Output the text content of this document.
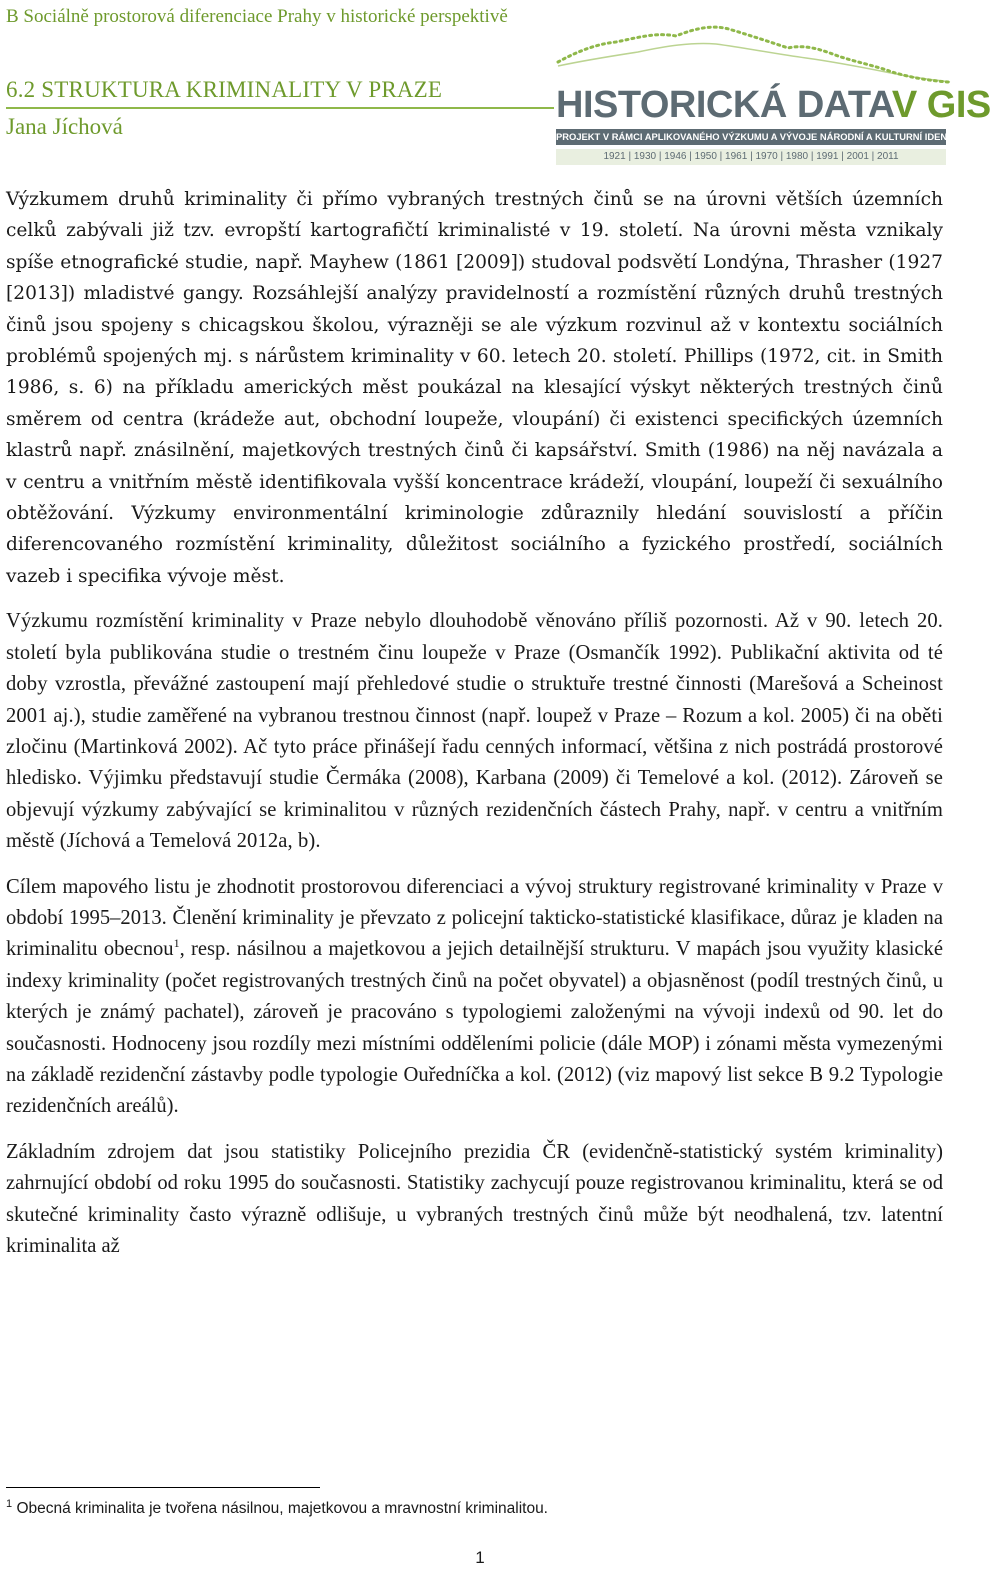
B Sociálně prostorová diferenciace Prahy v historické perspektivě
6.2 STRUKTURA KRIMINALITY V PRAZE
Jana Jíchová
HISTORICKÁ DATAV GIS
PROJEKT V RÁMCI APLIKOVANÉHO VÝZKUMU A VÝVOJE NÁRODNÍ A KULTURNÍ IDENTITY
1921 | 1930 | 1946 | 1950 | 1961 | 1970 | 1980 | 1991 | 2001 | 2011

Výzkumem druhů kriminality či přímo vybraných trestných činů se na úrovni větších územních celků zabývali již tzv. evropští kartografičtí kriminalisté v 19. století. Na úrovni města vznikaly spíše etnografické studie, např. Mayhew (1861 [2009]) studoval podsvětí Londýna, Thrasher (1927 [2013]) mladistvé gangy. Rozsáhlejší analýzy pravidelností a rozmístění různých druhů trestných činů jsou spojeny s chicagskou školou, výrazněji se ale výzkum rozvinul až v kontextu sociálních problémů spojených mj. s nárůstem kriminality v 60. letech 20. století. Phillips (1972, cit. in Smith 1986, s. 6) na příkladu amerických měst poukázal na klesající výskyt některých trestných činů směrem od centra (krádeže aut, obchodní loupeže, vloupání) či existenci specifických územních klastrů např. znásilnění, majetkových trestných činů či kapsářství. Smith (1986) na něj navázala a v centru a vnitřním městě identifikovala vyšší koncentrace krádeží, vloupání, loupeží či sexuálního obtěžování. Výzkumy environmentální kriminologie zdůraznily hledání souvislostí a příčin diferencovaného rozmístění kriminality, důležitost sociálního a fyzického prostředí, sociálních vazeb i specifika vývoje měst.

Výzkumu rozmístění kriminality v Praze nebylo dlouhodobě věnováno příliš pozornosti. Až v 90. letech 20. století byla publikována studie o trestném činu loupeže v Praze (Osmančík 1992). Publikační aktivita od té doby vzrostla, převážné zastoupení mají přehledové studie o struktuře trestné činnosti (Marešová a Scheinost 2001 aj.), studie zaměřené na vybranou trestnou činnost (např. loupež v Praze – Rozum a kol. 2005) či na oběti zločinu (Martinková 2002). Ač tyto práce přinášejí řadu cenných informací, většina z nich postrádá prostorové hledisko. Výjimku představují studie Čermáka (2008), Karbana (2009) či Temelové a kol. (2012). Zároveň se objevují výzkumy zabývající se kriminalitou v různých rezidenčních částech Prahy, např. v centru a vnitřním městě (Jíchová a Temelová 2012a, b).

Cílem mapového listu je zhodnotit prostorovou diferenciaci a vývoj struktury registrované kriminality v Praze v období 1995–2013. Členění kriminality je převzato z policejní takticko-statistické klasifikace, důraz je kladen na kriminalitu obecnou$^1$, resp. násilnou a majetkovou a jejich detailnější strukturu. V mapách jsou využity klasické indexy kriminality (počet registrovaných trestných činů na počet obyvatel) a objasněnost (podíl trestných činů, u kterých je známý pachatel), zároveň je pracováno s typologiemi založenými na vývoji indexů od 90. let do současnosti. Hodnoceny jsou rozdíly mezi místními odděleními policie (dále MOP) i zónami města vymezenými na základě rezidenční zástavby podle typologie Ouředníčka a kol. (2012) (viz mapový list sekce B 9.2 Typologie rezidenčních areálů).

Základním zdrojem dat jsou statistiky Policejního prezidia ČR (evidenčně-statistický systém kriminality) zahrnující období od roku 1995 do současnosti. Statistiky zachycují pouze registrovanou kriminalitu, která se od skutečné kriminality často výrazně odlišuje, u vybraných trestných činů může být neodhalená, tzv. latentní kriminalita až

$^1$ Obecná kriminalita je tvořena násilnou, majetkovou a mravnostní kriminalitou.
1
